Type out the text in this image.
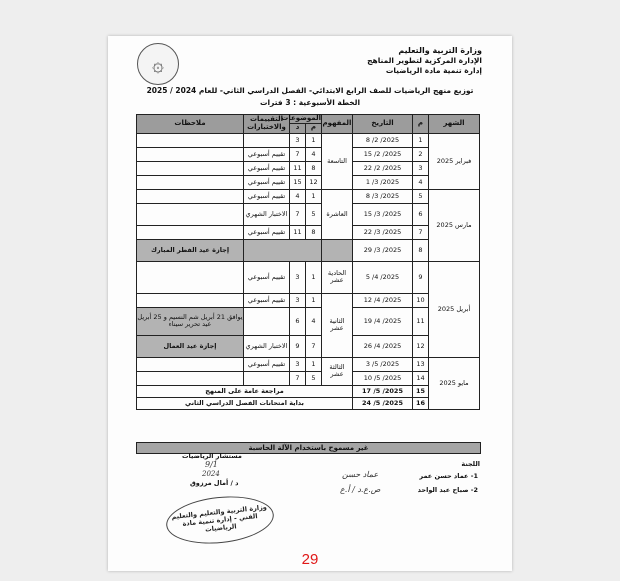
۞
وزارة التربية والتعليم
الإدارة المركزية لتطوير المناهج
إدارة تنمية مادة الرياضيات
توزيع منهج الرياضيات للصف الرابع الابتدائي- الفصل الدراسي الثاني- للعام 2024 / 2025
الخطة الأسبوعية : 3 فترات
الشهر	م	التاريخ	المفهوم	الموضوعات		التقييمات والاختبارات	ملاحظات
				م	د		
فبراير 2025	1	2025/ 2/ 8	التاسعة	1	3		
	2	2025/ 2/ 15		4	7	تقييم أسبوعي	
	3	2025/ 2/ 22		8	11	تقييم أسبوعي	
	4	2025/ 3/ 1		12	15	تقييم أسبوعي	
مارس 2025	5	2025/ 3/ 8	العاشرة	1	4	تقييم أسبوعي	
	6	2025/ 3/ 15		5	7	الاختبار الشهري	
	7	2025/ 3/ 22		8	11	تقييم أسبوعي	
	8	2025/ 3/ 29					إجازة عيد الفطر المبارك
أبريل 2025	9	2025/ 4/ 5	الحادية عشر	1	3	تقييم أسبوعي	
	10	2025/ 4/ 12	الثانية عشر	1	3	تقييم أسبوعي	
	11	2025/ 4/ 19		4	6		يوافق 21 أبريل شم النسيم و 25 أبريل عيد تحرير سيناء
	12	2025/ 4/ 26		7	9	الاختبار الشهري	إجازة عيد العمال
مايو 2025	13	2025/ 5/ 3	الثالثة عشر	1	3	تقييم أسبوعي	
	14	2025/ 5/ 10		5	7		
	15	2025/ 5/ 17	مراجعة عامة على المنهج				
	16	2025/ 5/ 24	بداية امتحانات الفصل الدراسي الثاني				
غير مسموح باستخدام الآلة الحاسبة
اللجنة
1- عماد حسن عمر
2- صباح عبد الواحد
عماد حسن
ص.ع.د / أ.ع
مستشار الرياضيات
9/1
2024
د / أمال مرزوق
وزارة التربية والتعليم والتعليم الفني - إدارة تنمية مادة الرياضيات
29
